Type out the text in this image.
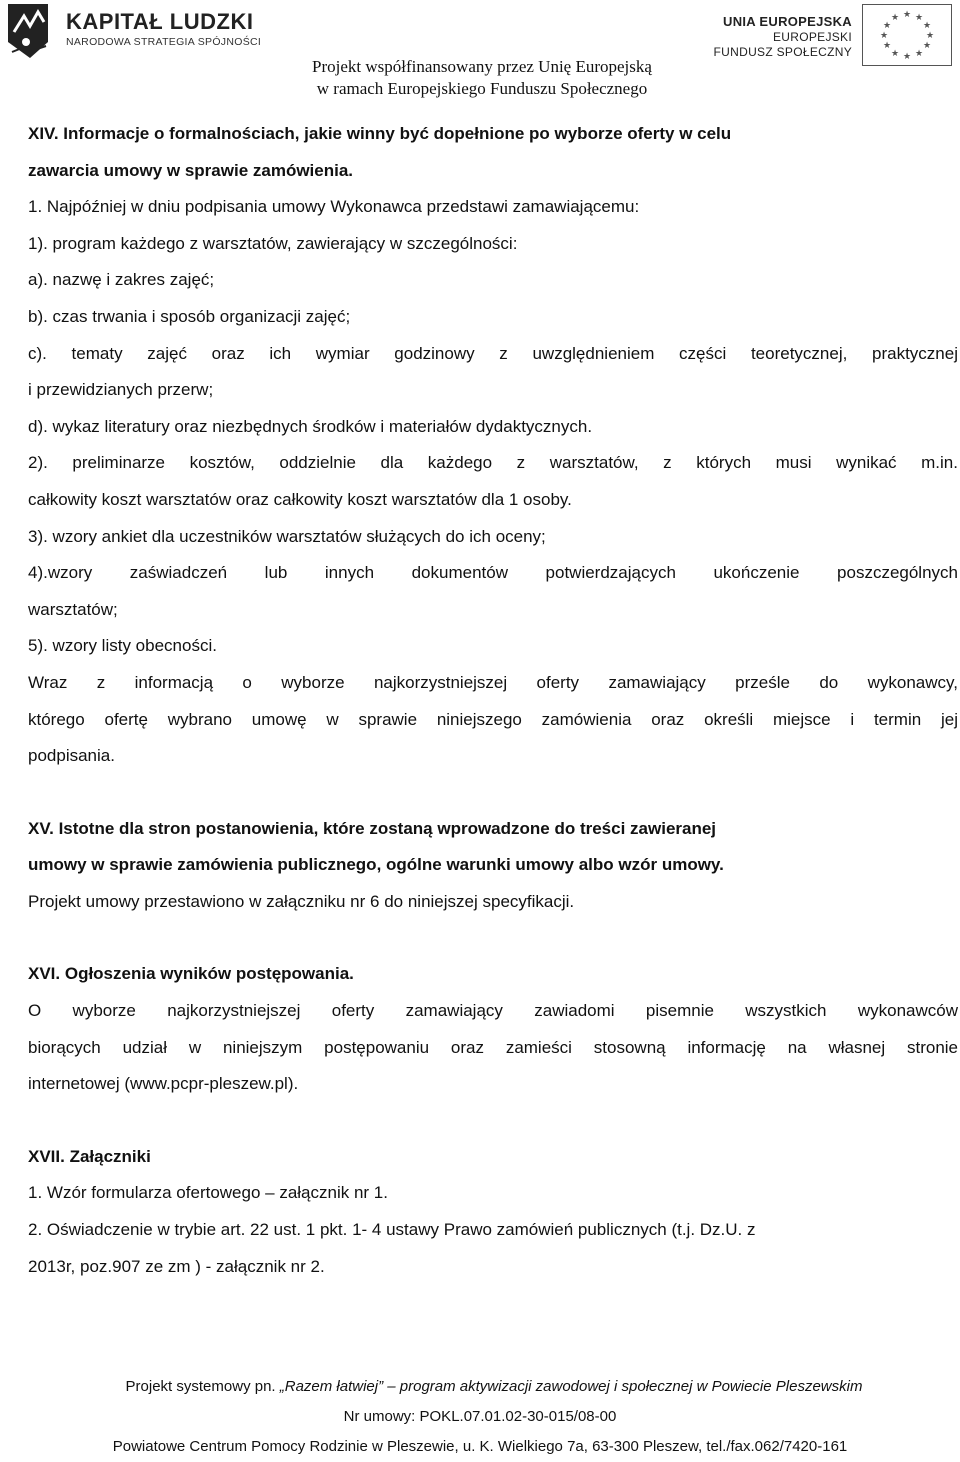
KAPITAŁ LUDZKI
NARODOWA STRATEGIA SPÓJNOŚCI
UNIA EUROPEJSKA
EUROPEJSKI
FUNDUSZ SPOŁECZNY
★ ★
★
★
★
★
★
★
★
★
★
★
Projekt współfinansowany przez Unię Europejską
w ramach Europejskiego Funduszu Społecznego

XIV. Informacje o formalnościach, jakie winny być dopełnione po wyborze oferty w celu

zawarcia umowy w sprawie zamówienia.

1. Najpóźniej w dniu podpisania umowy Wykonawca przedstawi zamawiającemu:

1). program każdego z warsztatów, zawierający w szczególności:

a). nazwę i zakres zajęć;

b). czas trwania i sposób organizacji zajęć;

c). tematy zajęć oraz ich wymiar godzinowy z uwzględnieniem części teoretycznej, praktycznej

i przewidzianych przerw;

d). wykaz literatury oraz niezbędnych środków i materiałów dydaktycznych.

2). preliminarze kosztów, oddzielnie dla każdego z warsztatów, z których musi wynikać m.in.

całkowity koszt warsztatów oraz całkowity koszt warsztatów dla 1 osoby.

3). wzory ankiet dla uczestników warsztatów służących do ich oceny;

4).wzory zaświadczeń lub innych dokumentów potwierdzających ukończenie poszczególnych

warsztatów;

5). wzory listy obecności.

Wraz z informacją o wyborze najkorzystniejszej oferty zamawiający prześle do wykonawcy,

którego ofertę wybrano umowę w sprawie niniejszego zamówienia oraz określi miejsce i termin jej

podpisania.

XV. Istotne dla stron postanowienia, które zostaną wprowadzone do treści zawieranej

umowy w sprawie zamówienia publicznego, ogólne warunki umowy albo wzór umowy.

Projekt umowy przestawiono w załączniku nr 6 do niniejszej specyfikacji.

XVI. Ogłoszenia wyników postępowania.

O wyborze najkorzystniejszej oferty zamawiający zawiadomi pisemnie wszystkich wykonawców

biorących udział w niniejszym postępowaniu oraz zamieści stosowną informację na własnej stronie

internetowej (www.pcpr-pleszew.pl).

XVII. Załączniki

1. Wzór formularza ofertowego – załącznik nr 1.

2. Oświadczenie w trybie art. 22 ust. 1 pkt. 1- 4 ustawy Prawo zamówień publicznych (t.j. Dz.U. z

2013r, poz.907 ze zm ) - załącznik nr 2.

Projekt systemowy pn. „Razem łatwiej” – program aktywizacji zawodowej i społecznej w Powiecie Pleszewskim
Nr umowy: POKL.07.01.02-30-015/08-00
Powiatowe Centrum Pomocy Rodzinie w Pleszewie, u. K. Wielkiego 7a, 63-300 Pleszew, tel./fax.062/7420-161
